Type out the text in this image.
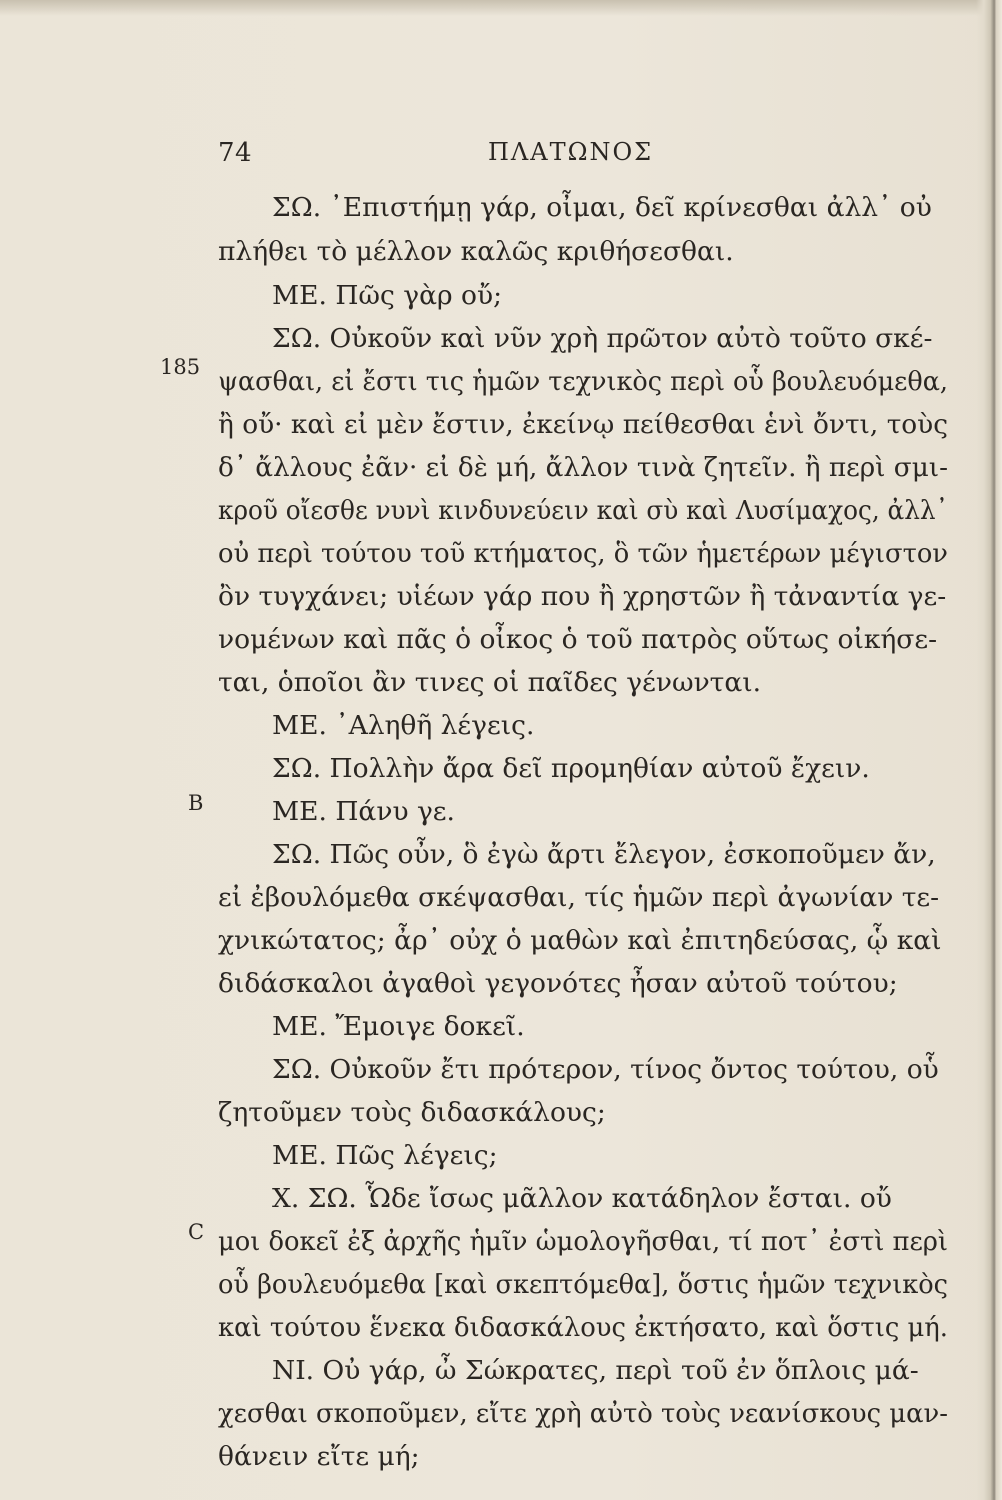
74	ΠΛΑΤΩΝΟΣ
185
B
C
ΣΩ. ᾿Επιστήμῃ γάρ, οἶμαι, δεῖ κρίνεσθαι ἀλλ᾿ οὐ
πλήθει τὸ μέλλον καλῶς κριθήσεσθαι.
ΜΕ. Πῶς γὰρ οὔ;
ΣΩ. Οὐκοῦν καὶ νῦν χρὴ πρῶτον αὐτὸ τοῦτο σκέ-
ψασθαι, εἰ ἔστι τις ἡμῶν τεχνικὸς περὶ οὗ βουλευόμεθα,
ἢ οὔ· καὶ εἰ μὲν ἔστιν, ἐκείνῳ πείθεσθαι ἑνὶ ὄντι, τοὺς
δ᾿ ἄλλους ἐᾶν· εἰ δὲ μή, ἄλλον τινὰ ζητεῖν. ἢ περὶ σμι-
κροῦ οἴεσθε νυνὶ κινδυνεύειν καὶ σὺ καὶ Λυσίμαχος, ἀλλ᾿
οὐ περὶ τούτου τοῦ κτήματος, ὃ τῶν ἡμετέρων μέγιστον
ὂν τυγχάνει; υἱέων γάρ που ἢ χρηστῶν ἢ τἀναντία γε-
νομένων καὶ πᾶς ὁ οἶκος ὁ τοῦ πατρὸς οὕτως οἰκήσε-
ται, ὁποῖοι ἂν τινες οἱ παῖδες γένωνται.
ΜΕ. ᾿Αληθῆ λέγεις.
ΣΩ. Πολλὴν ἄρα δεῖ προμηθίαν αὐτοῦ ἔχειν.
ΜΕ. Πάνυ γε.
ΣΩ. Πῶς οὖν, ὃ ἐγὼ ἄρτι ἔλεγον, ἐσκοποῦμεν ἄν,
εἰ ἐβουλόμεθα σκέψασθαι, τίς ἡμῶν περὶ ἀγωνίαν τε-
χνικώτατος; ἆρ᾿ οὐχ ὁ μαθὼν καὶ ἐπιτηδεύσας, ᾧ καὶ
διδάσκαλοι ἀγαθοὶ γεγονότες ἦσαν αὐτοῦ τούτου;
ΜΕ. Ἔμοιγε δοκεῖ.
ΣΩ. Οὐκοῦν ἔτι πρότερον, τίνος ὄντος τούτου, οὗ
ζητοῦμεν τοὺς διδασκάλους;
ΜΕ. Πῶς λέγεις;
Χ. ΣΩ. Ὧδε ἴσως μᾶλλον κατάδηλον ἔσται. οὔ
μοι δοκεῖ ἐξ ἀρχῆς ἡμῖν ὡμολογῆσθαι, τί ποτ᾿ ἐστὶ περὶ
οὗ βουλευόμεθα [καὶ σκεπτόμεθα], ὅστις ἡμῶν τεχνικὸς
καὶ τούτου ἕνεκα διδασκάλους ἐκτήσατο, καὶ ὅστις μή.
ΝΙ. Οὐ γάρ, ὦ Σώκρατες, περὶ τοῦ ἐν ὅπλοις μά-
χεσθαι σκοποῦμεν, εἴτε χρὴ αὐτὸ τοὺς νεανίσκους μαν-
θάνειν εἴτε μή;
